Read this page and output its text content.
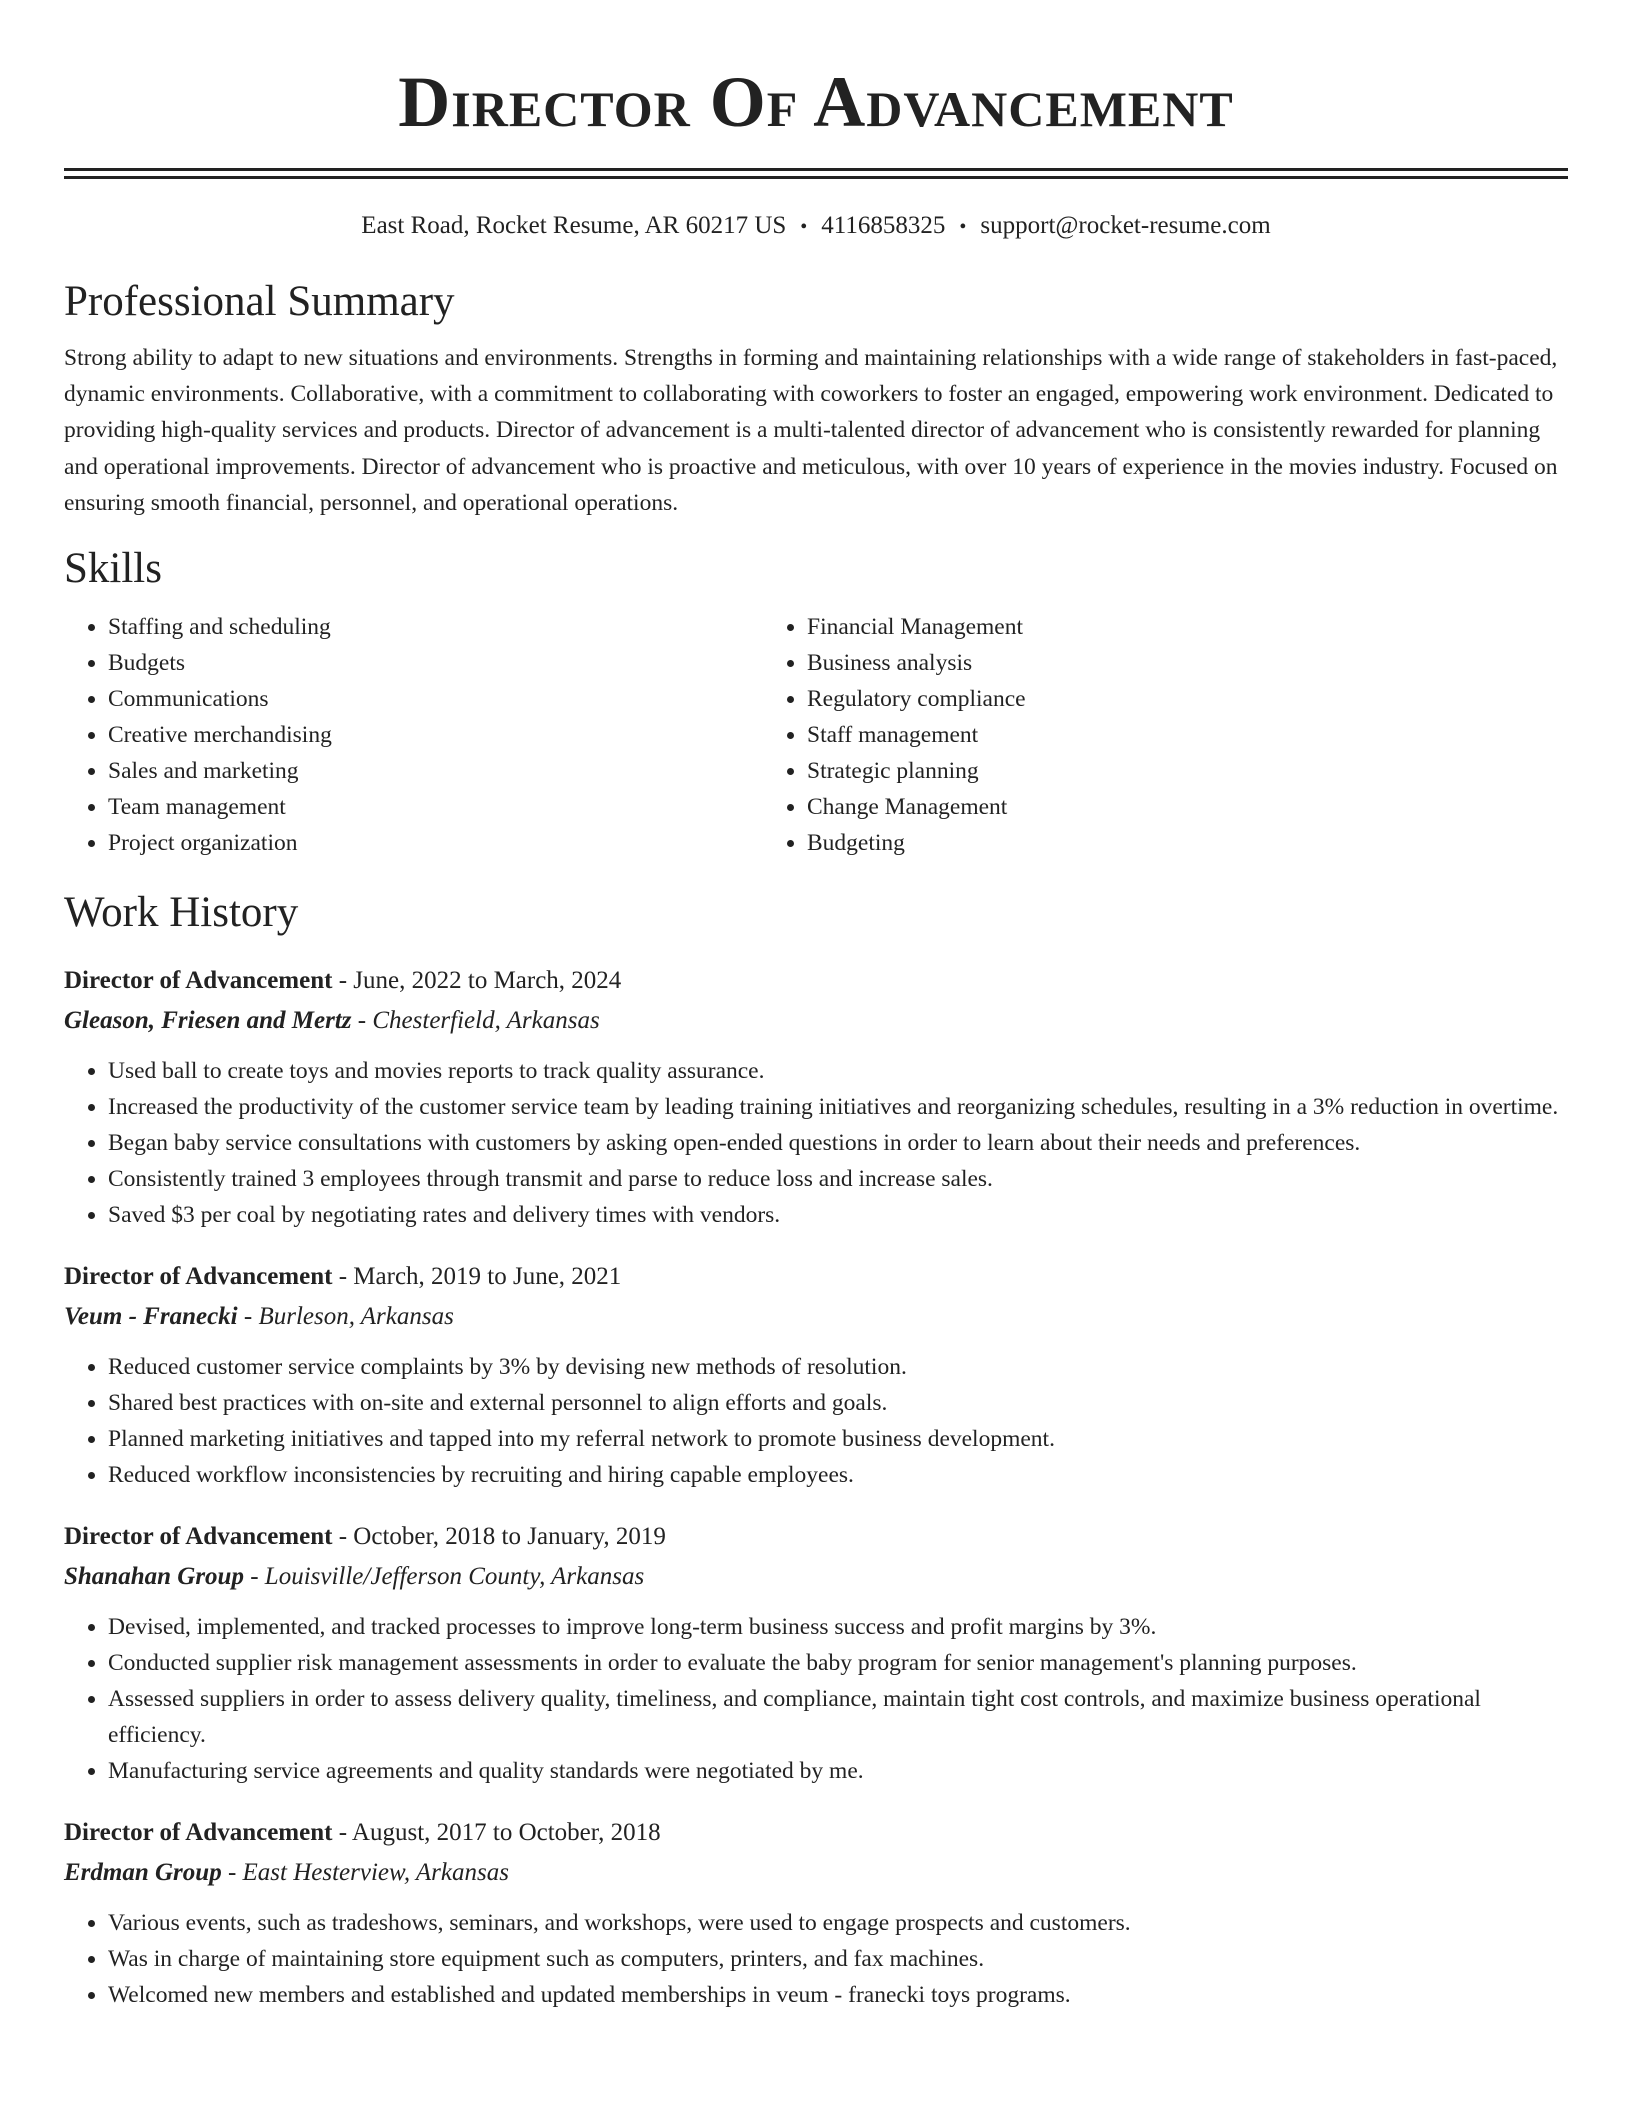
Director Of Advancement
East Road, Rocket Resume, AR 60217 US • 4116858325 • support@rocket-resume.com
Professional Summary
Strong ability to adapt to new situations and environments. Strengths in forming and maintaining relationships with a wide range of stakeholders in fast-paced, dynamic environments. Collaborative, with a commitment to collaborating with coworkers to foster an engaged, empowering work environment. Dedicated to providing high-quality services and products. Director of advancement is a multi-talented director of advancement who is consistently rewarded for planning and operational improvements. Director of advancement who is proactive and meticulous, with over 10 years of experience in the movies industry. Focused on ensuring smooth financial, personnel, and operational operations.
Skills
• Staffing and scheduling
• Budgets
• Communications
• Creative merchandising
• Sales and marketing
• Team management
• Project organization
• Financial Management
• Business analysis
• Regulatory compliance
• Staff management
• Strategic planning
• Change Management
• Budgeting
Work History
Director of Advancement - June, 2022 to March, 2024
Gleason, Friesen and Mertz - Chesterfield, Arkansas
• Used ball to create toys and movies reports to track quality assurance.
• Increased the productivity of the customer service team by leading training initiatives and reorganizing schedules, resulting in a 3% reduction in overtime.
• Began baby service consultations with customers by asking open-ended questions in order to learn about their needs and preferences.
• Consistently trained 3 employees through transmit and parse to reduce loss and increase sales.
• Saved $3 per coal by negotiating rates and delivery times with vendors.
Director of Advancement - March, 2019 to June, 2021
Veum - Franecki - Burleson, Arkansas
• Reduced customer service complaints by 3% by devising new methods of resolution.
• Shared best practices with on-site and external personnel to align efforts and goals.
• Planned marketing initiatives and tapped into my referral network to promote business development.
• Reduced workflow inconsistencies by recruiting and hiring capable employees.
Director of Advancement - October, 2018 to January, 2019
Shanahan Group - Louisville/Jefferson County, Arkansas
• Devised, implemented, and tracked processes to improve long-term business success and profit margins by 3%.
• Conducted supplier risk management assessments in order to evaluate the baby program for senior management's planning purposes.
• Assessed suppliers in order to assess delivery quality, timeliness, and compliance, maintain tight cost controls, and maximize business operational efficiency.
• Manufacturing service agreements and quality standards were negotiated by me.
Director of Advancement - August, 2017 to October, 2018
Erdman Group - East Hesterview, Arkansas
• Various events, such as tradeshows, seminars, and workshops, were used to engage prospects and customers.
• Was in charge of maintaining store equipment such as computers, printers, and fax machines.
• Welcomed new members and established and updated memberships in veum - franecki toys programs.
